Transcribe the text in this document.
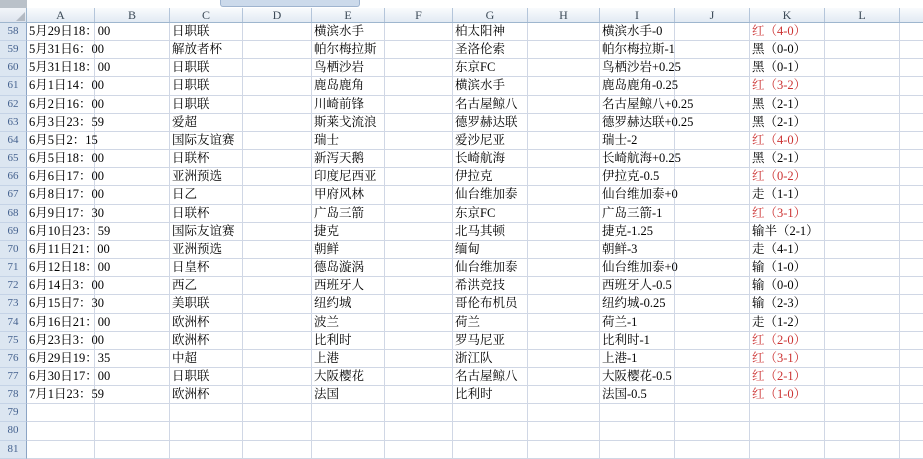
A	B	C	D	E	F	G	H	I	J	K	L
58 5月29日18：00	日职联	横滨水手	柏太阳神	横滨水手-0	红（4-0）
59 5月31日6：00	解放者杯	帕尔梅拉斯	圣洛伦索	帕尔梅拉斯-1	黑（0-0）
60 5月31日18：00	日职联	鸟栖沙岩	东京FC	鸟栖沙岩+0.25	黑（0-1）
61 6月1日14：00	日职联	鹿岛鹿角	横滨水手	鹿岛鹿角-0.25	红（3-2）
62 6月2日16：00	日职联	川崎前锋	名古屋鲸八	名古屋鲸八+0.25	黑（2-1）
63 6月3日23：59	爱超	斯莱戈流浪	德罗赫达联	德罗赫达联+0.25	黑（2-1）
64 6月5日2：15	国际友谊赛	瑞士	爱沙尼亚	瑞士-2	红（4-0）
65 6月5日18：00	日联杯	新泻天鹅	长崎航海	长崎航海+0.25	黑（2-1）
66 6月6日17：00	亚洲预选	印度尼西亚	伊拉克	伊拉克-0.5	红（0-2）
67 6月8日17：00	日乙	甲府风林	仙台维加泰	仙台维加泰+0	走（1-1）
68 6月9日17：30	日联杯	广岛三箭	东京FC	广岛三箭-1	红（3-1）
69 6月10日23：59	国际友谊赛	捷克	北马其顿	捷克-1.25	输半（2-1）
70 6月11日21：00	亚洲预选	朝鲜	缅甸	朝鲜-3	走（4-1）
71 6月12日18：00	日皇杯	德岛漩涡	仙台维加泰	仙台维加泰+0	输（1-0）
72 6月14日3：00	西乙	西班牙人	希洪竞技	西班牙人-0.5	输（0-0）
73 6月15日7：30	美职联	纽约城	哥伦布机员	纽约城-0.25	输（2-3）
74 6月16日21：00	欧洲杯	波兰	荷兰	荷兰-1	走（1-2）
75 6月23日3：00	欧洲杯	比利时	罗马尼亚	比利时-1	红（2-0）
76 6月29日19：35	中超	上港	浙江队	上港-1	红（3-1）
77 6月30日17：00	日职联	大阪樱花	名古屋鲸八	大阪樱花-0.5	红（2-1）
78 7月1日23：59	欧洲杯	法国	比利时	法国-0.5	红（1-0）
79
80
81
